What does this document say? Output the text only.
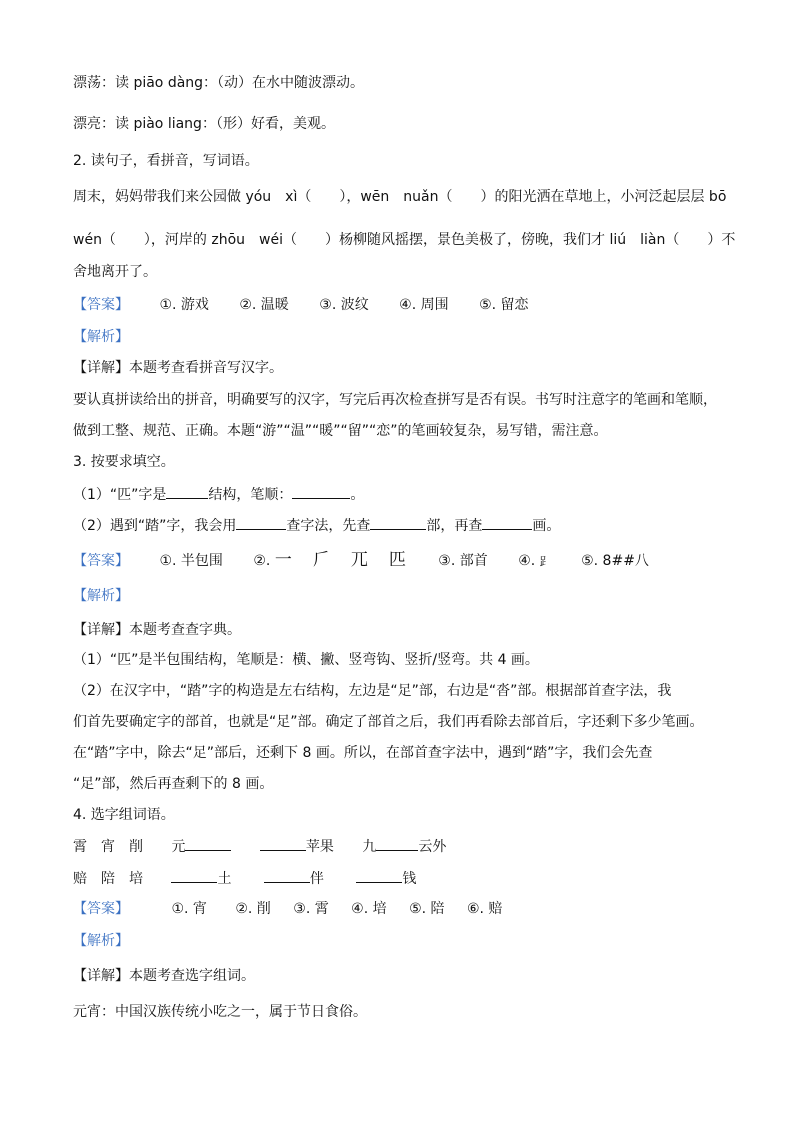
漂荡：读 piāo dàng：（动）在水中随波漂动。
漂亮：读 piào liang：（形）好看，美观。
2. 读句子，看拼音，写词语。
周末，妈妈带我们来公园做 yóu　xì（　　），wēn　nuǎn（　　）的阳光洒在草地上，小河泛起层层 bō
wén（　　），河岸的 zhōu　wéi（　　）杨柳随风摇摆，景色美极了，傍晚，我们才 liú　liàn（　　）不
舍地离开了。
【答案】 ①. 游戏 ②. 温暖 ③. 波纹 ④. 周围 ⑤. 留恋
【解析】
【详解】本题考查看拼音写汉字。
要认真拼读给出的拼音，明确要写的汉字，写完后再次检查拼写是否有误。书写时注意字的笔画和笔顺，
做到工整、规范、正确。本题“游”“温”“暖”“留”“恋”的笔画较复杂，易写错，需注意。
3. 按要求填空。
（1）“匹”字是	结构，笔顺：	。
（2）遇到“踏”字，我会用	查字法，先查	部，再查	画。
【答案】 ①. 半包围 ②. 一　𠂆　兀　匹 ③. 部首 ④. 𧾷 ⑤. 8##八
【解析】
【详解】本题考查查字典。
（1）“匹”是半包围结构，笔顺是：横、撇、竖弯钩、竖折/竖弯。共 4 画。
（2）在汉字中，“踏”字的构造是左右结构，左边是“足”部，右边是“沓”部。根据部首查字法，我
们首先要确定字的部首，也就是“足”部。确定了部首之后，我们再看除去部首后，字还剩下多少笔画。
在“踏”字中，除去“足”部后，还剩下 8 画。所以，在部首查字法中，遇到“踏”字，我们会先查
“足”部，然后再查剩下的 8 画。
4. 选字组词语。
霄　宵　削 元	苹果 九	云外
赔　陪　培	土	伴	钱
【答案】	①. 宵 ②. 削 ③. 霄 ④. 培 ⑤. 陪 ⑥. 赔
【解析】
【详解】本题考查选字组词。
元宵：中国汉族传统小吃之一，属于节日食俗。
